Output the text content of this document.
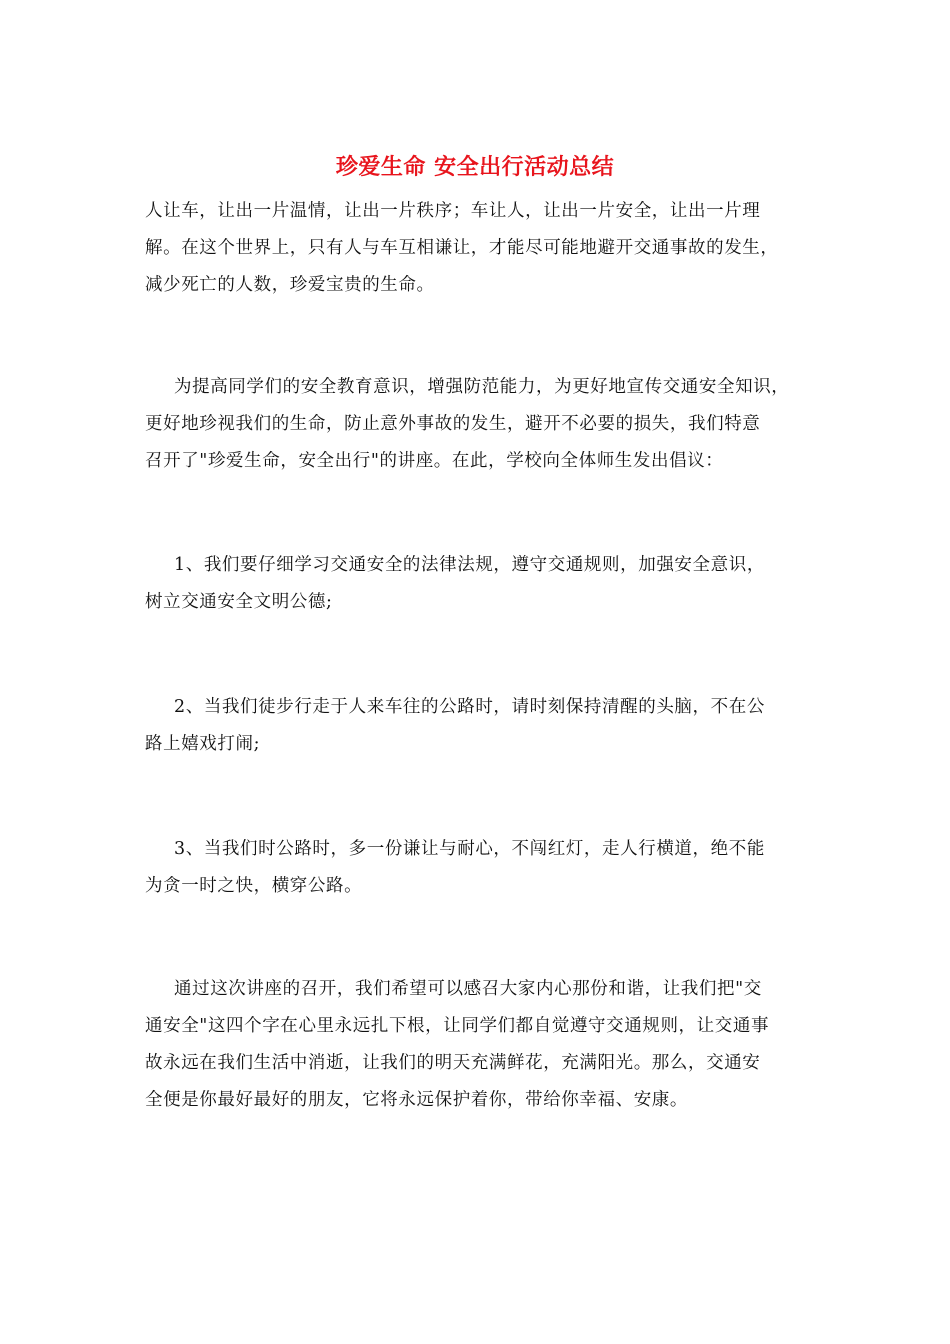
珍爱生命 安全出行活动总结
人让车，让出一片温情，让出一片秩序；车让人，让出一片安全，让出一片理
解。在这个世界上，只有人与车互相谦让，才能尽可能地避开交通事故的发生，
减少死亡的人数，珍爱宝贵的生命。
为提高同学们的安全教育意识，增强防范能力，为更好地宣传交通安全知识，
更好地珍视我们的生命，防止意外事故的发生，避开不必要的损失，我们特意
召开了"珍爱生命，安全出行"的讲座。在此，学校向全体师生发出倡议：
1、我们要仔细学习交通安全的法律法规，遵守交通规则，加强安全意识，
树立交通安全文明公德;
2、当我们徒步行走于人来车往的公路时，请时刻保持清醒的头脑，不在公
路上嬉戏打闹;
3、当我们时公路时，多一份谦让与耐心，不闯红灯，走人行横道，绝不能
为贪一时之快，横穿公路。
通过这次讲座的召开，我们希望可以感召大家内心那份和谐，让我们把"交
通安全"这四个字在心里永远扎下根，让同学们都自觉遵守交通规则，让交通事
故永远在我们生活中消逝，让我们的明天充满鲜花，充满阳光。那么，交通安
全便是你最好最好的朋友，它将永远保护着你，带给你幸福、安康。
